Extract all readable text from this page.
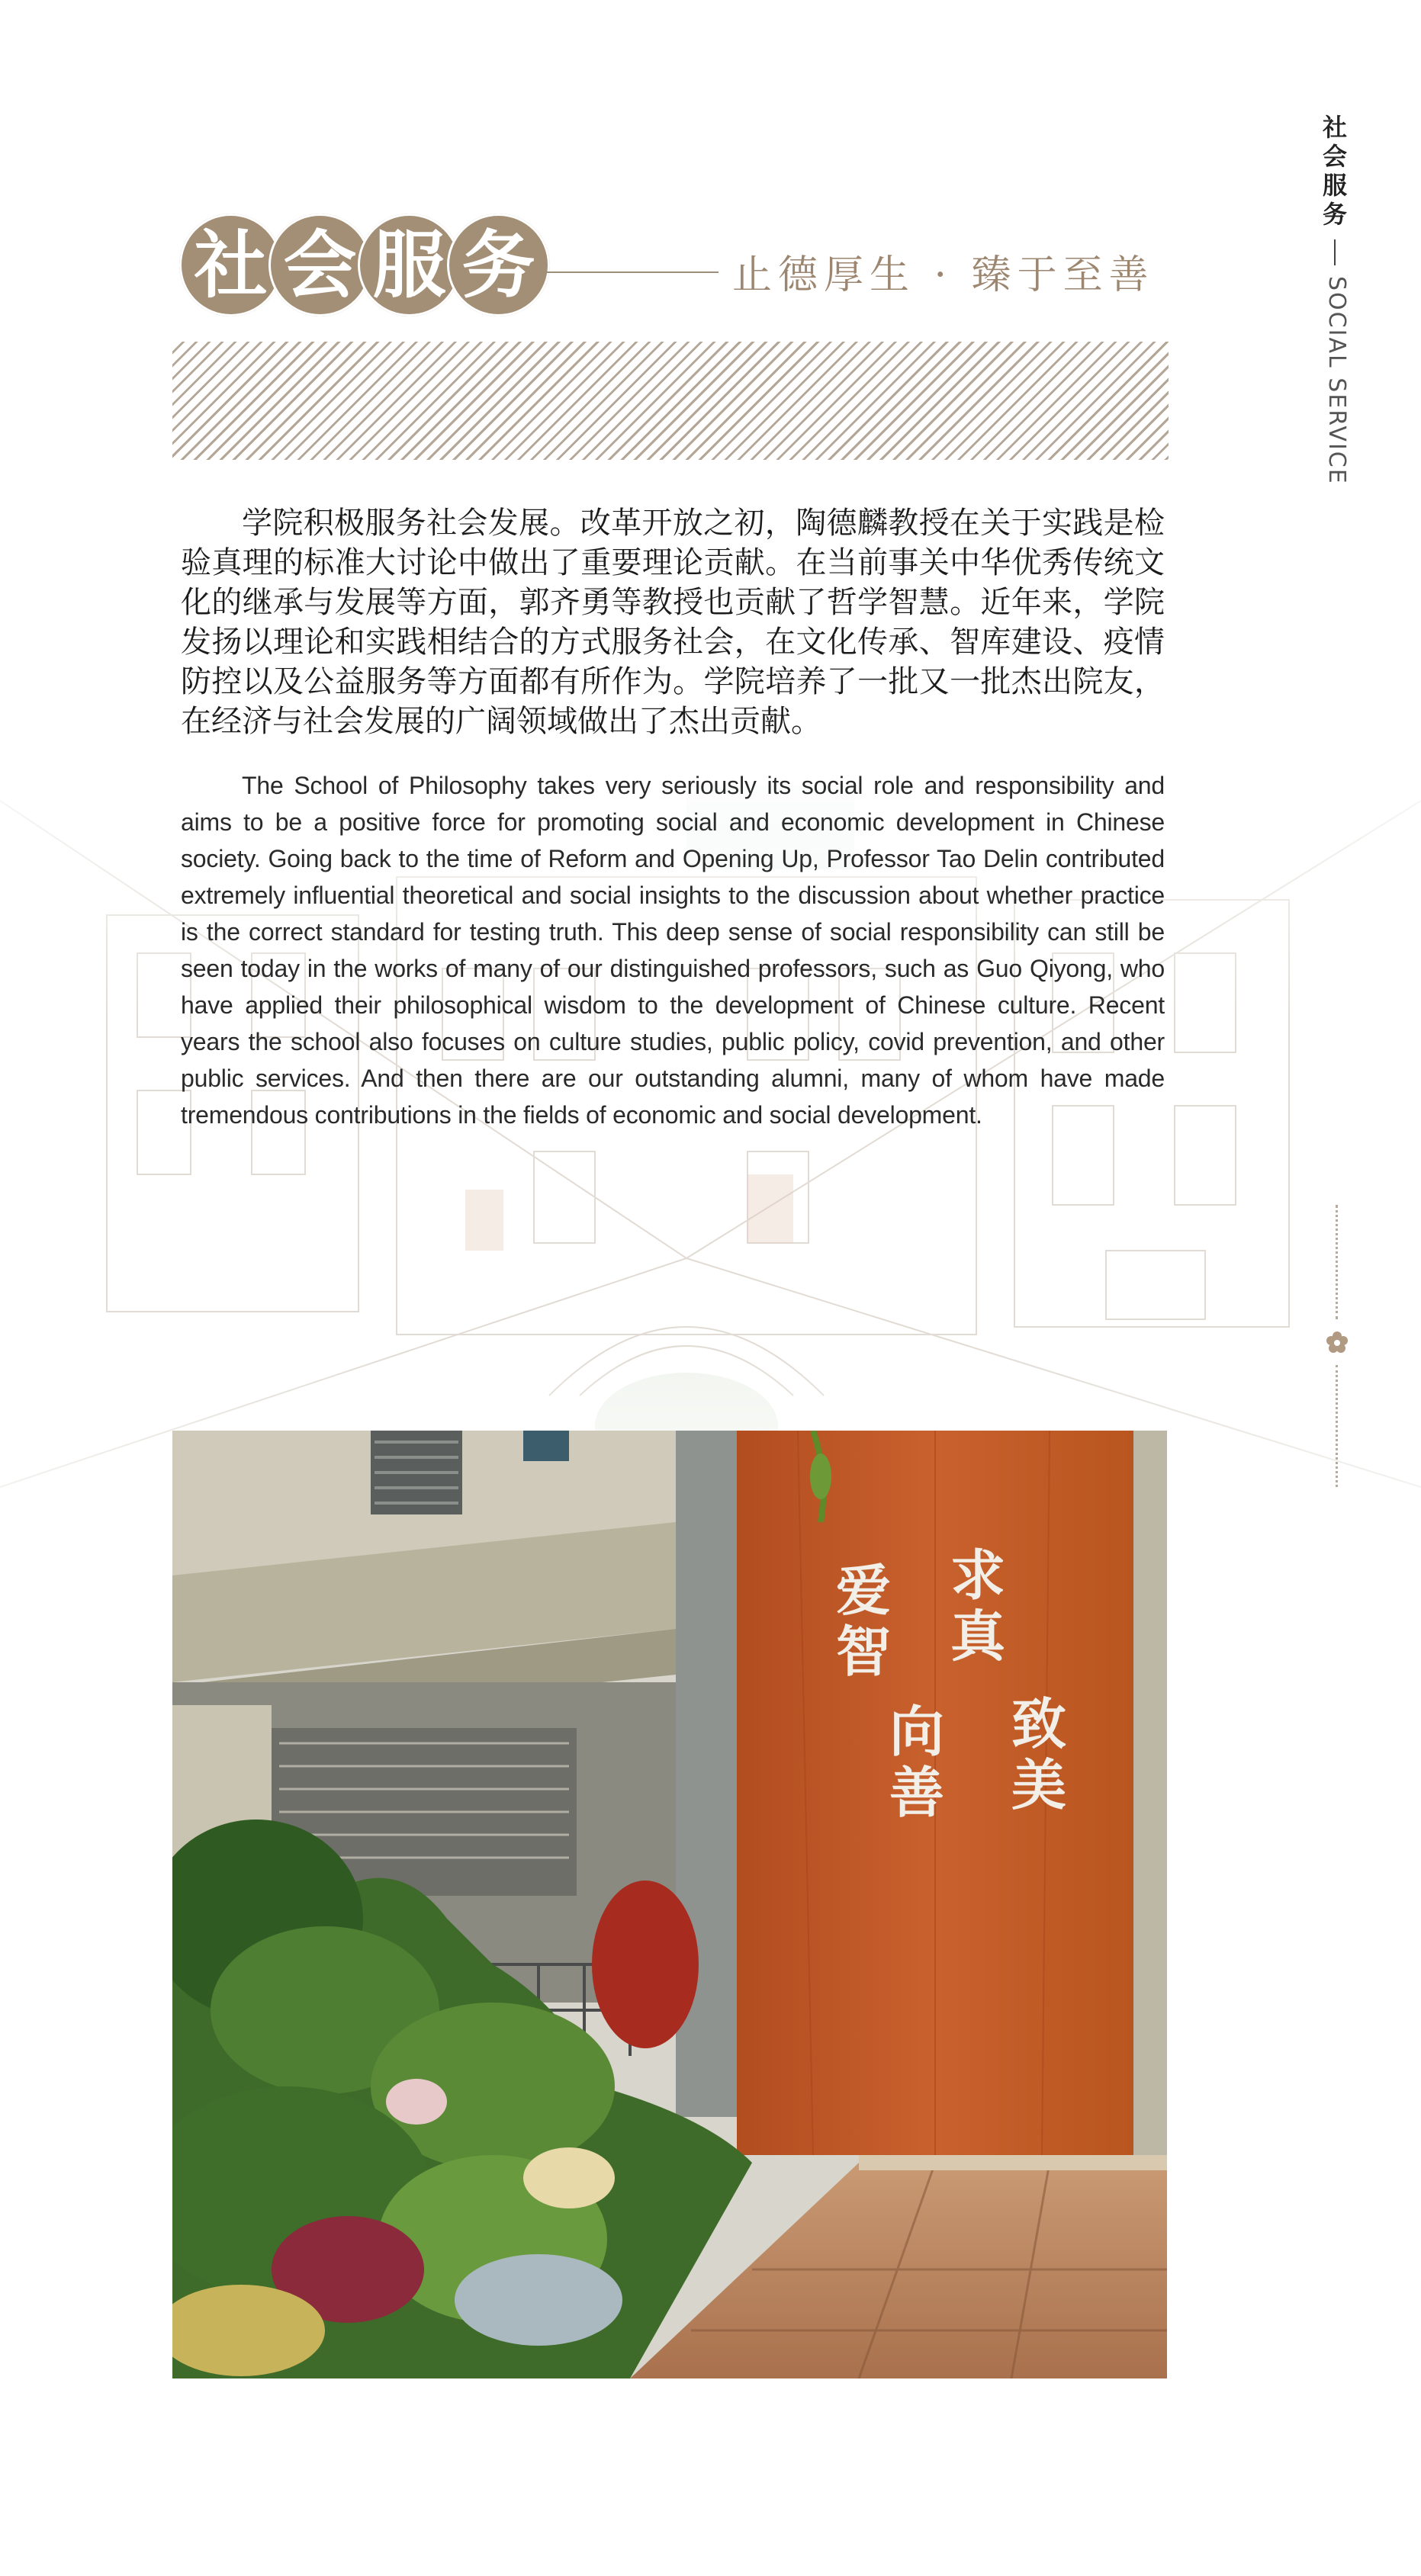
社 会 服 务	止德厚生 · 臻于至善
社
会
服
务
SOCIAL SERVICE

学院积极服务社会发展。改革开放之初，陶德麟教授在关于实践是检验真理的标准大讨论中做出了重要理论贡献。在当前事关中华优秀传统文化的继承与发展等方面，郭齐勇等教授也贡献了哲学智慧。近年来，学院发扬以理论和实践相结合的方式服务社会，在文化传承、智库建设、疫情防控以及公益服务等方面都有所作为。学院培养了一批又一批杰出院友，在经济与社会发展的广阔领域做出了杰出贡献。

The School of Philosophy takes very seriously its social role and responsibility and aims to be a positive force for promoting social and economic development in Chinese society. Going back to the time of Reform and Opening Up, Professor Tao Delin contributed extremely influential theoretical and social insights to the discussion about whether practice is the correct standard for testing truth. This deep sense of social responsibility can still be seen today in the works of many of our distinguished professors, such as Guo Qiyong, who have applied their philosophical wisdom to the development of Chinese culture. Recent years the school also focuses on culture studies, public policy, covid prevention, and other public services. And then there are our outstanding alumni, many of whom have made tremendous contributions in the fields of economic and social development.

爱
智
求
真
向
善
致
美
